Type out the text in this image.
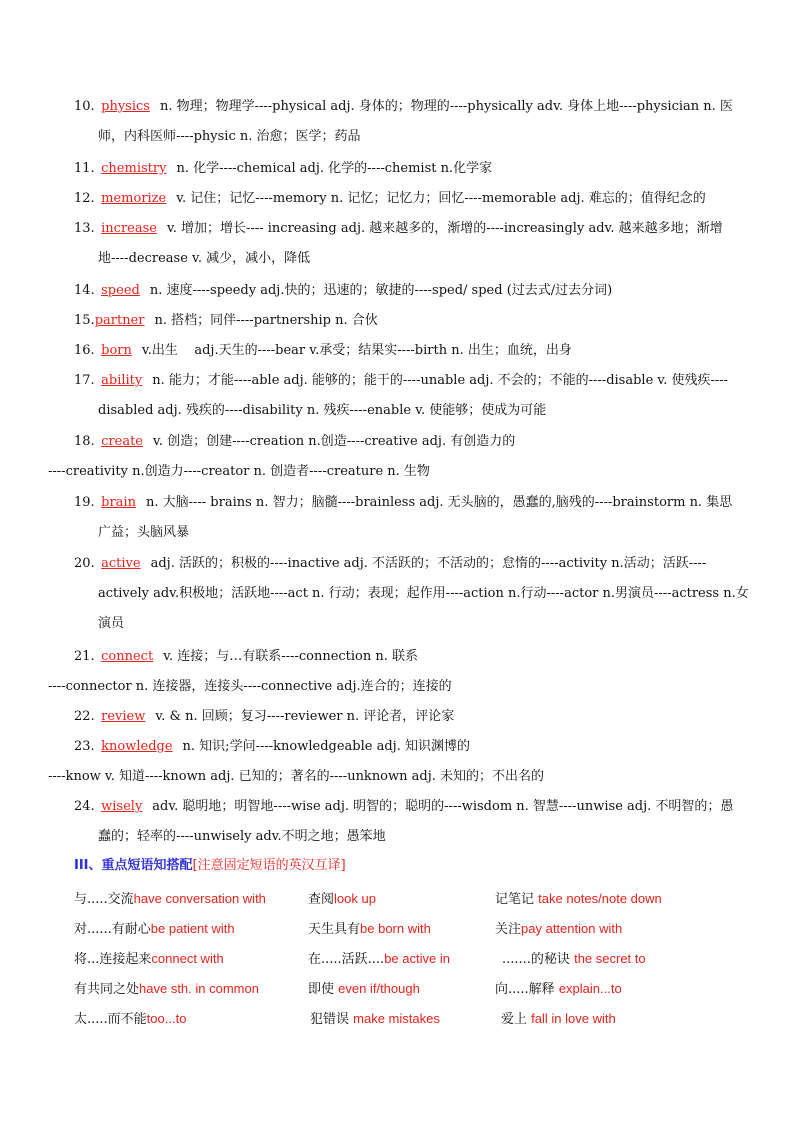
10. physics n. 物理；物理学----physical adj. 身体的；物理的----physically adv. 身体上地----physician n. 医
师，内科医师----physic n. 治愈；医学；药品
11. chemistry n. 化学----chemical adj. 化学的----chemist n.化学家
12. memorize v. 记住；记忆----memory n. 记忆；记忆力；回忆----memorable adj. 难忘的；值得纪念的
13. increase v. 增加；增长---- increasing adj. 越来越多的，渐增的----increasingly adv. 越来越多地；渐增
地----decrease v. 减少，减小，降低
14. speed n. 速度----speedy adj.快的；迅速的；敏捷的----sped/ sped (过去式/过去分词)
15.partner n. 搭档；同伴----partnership n. 合伙
16. born v.出生    adj.天生的----bear v.承受；结果实----birth n. 出生；血统，出身
17. ability n. 能力；才能----able adj. 能够的；能干的----unable adj. 不会的；不能的----disable v. 使残疾----
disabled adj. 残疾的----disability n. 残疾----enable v. 使能够；使成为可能
18. create v. 创造；创建----creation n.创造----creative adj. 有创造力的
----creativity n.创造力----creator n. 创造者----creature n. 生物
19. brain n. 大脑---- brains n. 智力；脑髓----brainless adj. 无头脑的，愚蠢的,脑残的----brainstorm n. 集思
广益；头脑风暴
20. active adj. 活跃的；积极的----inactive adj. 不活跃的；不活动的；怠惰的----activity n.活动；活跃----
actively adv.积极地；活跃地----act n. 行动；表现；起作用----action n.行动----actor n.男演员----actress n.女
演员
21. connect v. 连接；与…有联系----connection n. 联系
----connector n. 连接器，连接头----connective adj.连合的；连接的
22. review v. & n. 回顾；复习----reviewer n. 评论者，评论家
23. knowledge n. 知识;学问----knowledgeable adj. 知识渊博的
----know v. 知道----known adj. 已知的；著名的----unknown adj. 未知的；不出名的
24. wisely adv. 聪明地；明智地----wise adj. 明智的；聪明的----wisdom n. 智慧----unwise adj. 不明智的；愚
蠢的；轻率的----unwisely adv.不明之地；愚笨地
III、重点短语知搭配[注意固定短语的英汉互译]
与.....交流have conversation with	查阅look up	记笔记 take notes/note down
对......有耐心be patient with	天生具有be born with	关注pay attention with
将...连接起来connect with	在.....活跃....be active in	.......的秘诀 the secret to
有共同之处have sth. in common	即使 even if/though	向.....解释 explain...to
太.....而不能too...to	犯错误 make mistakes	爱上 fall in love with
